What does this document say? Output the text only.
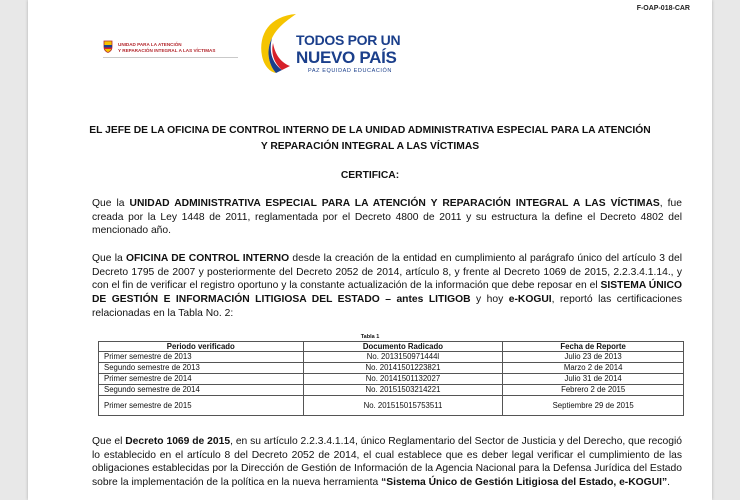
F-OAP-018-CAR
UNIDAD PARA LA ATENCIÓN
Y REPARACIÓN INTEGRAL A LAS VÍCTIMAS
TODOS POR UN
NUEVO PAÍS
PAZ EQUIDAD EDUCACIÓN
EL JEFE DE LA OFICINA DE CONTROL INTERNO DE LA UNIDAD ADMINISTRATIVA ESPECIAL PARA LA ATENCIÓN
Y REPARACIÓN INTEGRAL A LAS VÍCTIMAS
CERTIFICA:
Que la UNIDAD ADMINISTRATIVA ESPECIAL PARA LA ATENCIÓN Y REPARACIÓN INTEGRAL A LAS VÍCTIMAS, fue creada por la Ley 1448 de 2011, reglamentada por el Decreto 4800 de 2011 y su estructura la define el Decreto 4802 del mencionado año.
Que la OFICINA DE CONTROL INTERNO desde la creación de la entidad en cumplimiento al parágrafo único del artículo 3 del Decreto 1795 de 2007 y posteriormente del Decreto 2052 de 2014, artículo 8, y frente al Decreto 1069 de 2015, 2.2.3.4.1.14., y con el fin de verificar el registro oportuno y la constante actualización de la información que debe reposar en el SISTEMA ÚNICO DE GESTIÓN E INFORMACIÓN LITIGIOSA DEL ESTADO – antes LITIGOB y hoy e-KOGUI, reportó las certificaciones relacionadas en la Tabla No. 2:
Tabla 1
Periodo verificado	Documento Radicado	Fecha de Reporte
Primer semestre de 2013	No. 2013150971444l	Julio 23 de 2013
Segundo semestre de 2013	No. 20141501223821	Marzo 2 de 2014
Primer semestre de 2014	No. 20141501132027	Julio 31 de 2014
Segundo semestre de 2014	No. 20151503214221	Febrero 2 de 2015
Primer semestre de 2015	No. 201515015753511	Septiembre 29 de 2015
Que el Decreto 1069 de 2015, en su artículo 2.2.3.4.1.14, único Reglamentario del Sector de Justicia y del Derecho, que recogió lo establecido en el artículo 8 del Decreto 2052 de 2014, el cual establece que es deber legal verificar el cumplimiento de las obligaciones establecidas por la Dirección de Gestión de Información de la Agencia Nacional para la Defensa Jurídica del Estado sobre la implementación de la política en la nueva herramienta “Sistema Único de Gestión Litigiosa del Estado, e-KOGUI”.
